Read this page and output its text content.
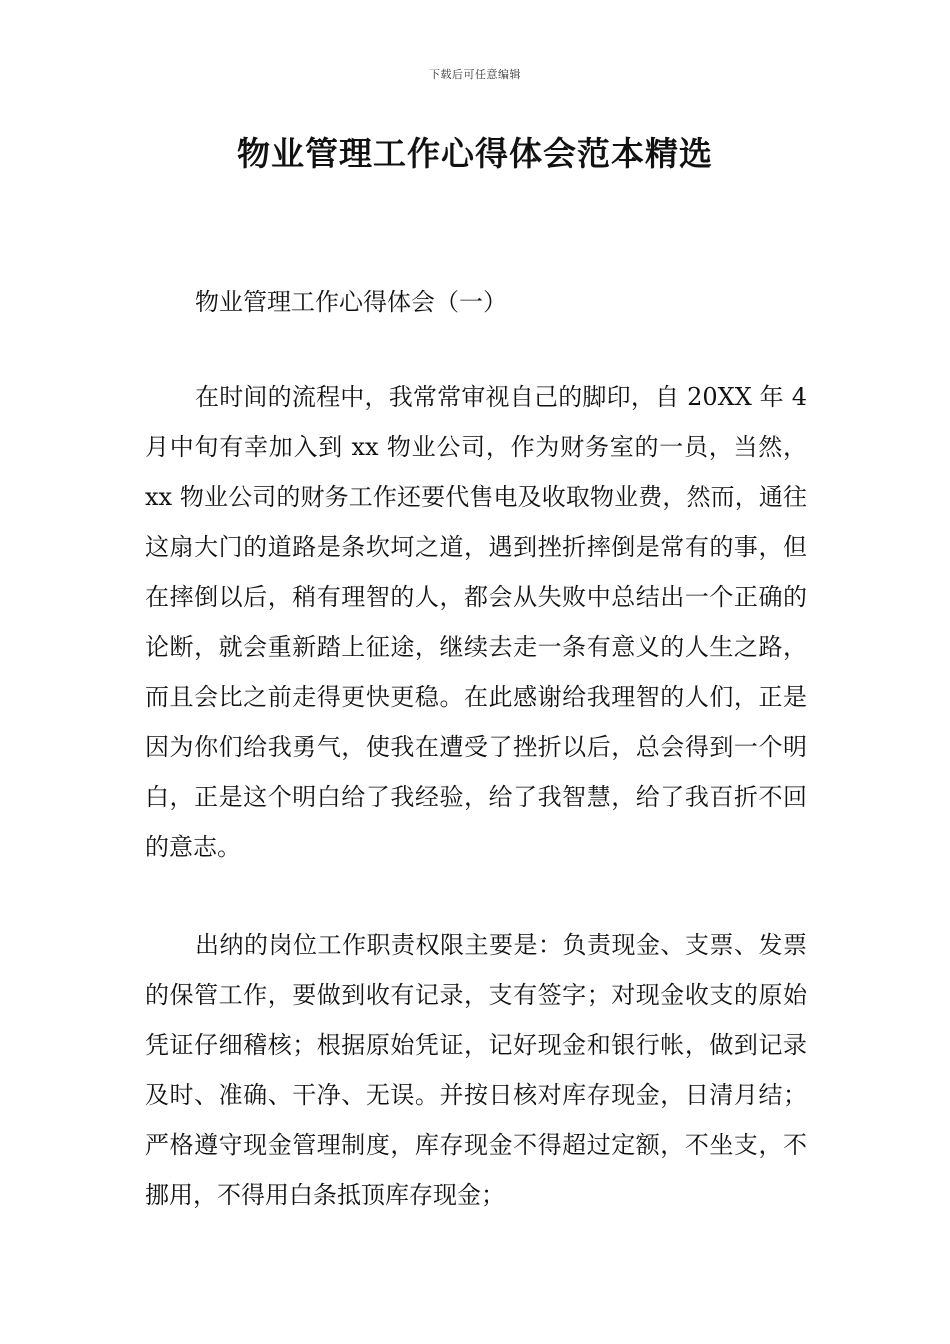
下载后可任意编辑
物业管理工作心得体会范本精选
物业管理工作心得体会（一）

在时间的流程中，我常常审视自己的脚印，自 20XX 年 4 月中旬有幸加入到 xx 物业公司，作为财务室的一员，当然，xx 物业公司的财务工作还要代售电及收取物业费，然而，通往这扇大门的道路是条坎坷之道，遇到挫折摔倒是常有的事，但在摔倒以后，稍有理智的人，都会从失败中总结出一个正确的论断，就会重新踏上征途，继续去走一条有意义的人生之路，而且会比之前走得更快更稳。在此感谢给我理智的人们，正是因为你们给我勇气，使我在遭受了挫折以后，总会得到一个明白，正是这个明白给了我经验，给了我智慧，给了我百折不回的意志。

出纳的岗位工作职责权限主要是：负责现金、支票、发票的保管工作，要做到收有记录，支有签字；对现金收支的原始凭证仔细稽核；根据原始凭证，记好现金和银行帐，做到记录及时、准确、干净、无误。并按日核对库存现金，日清月结；严格遵守现金管理制度，库存现金不得超过定额，不坐支，不挪用，不得用白条抵顶库存现金；
